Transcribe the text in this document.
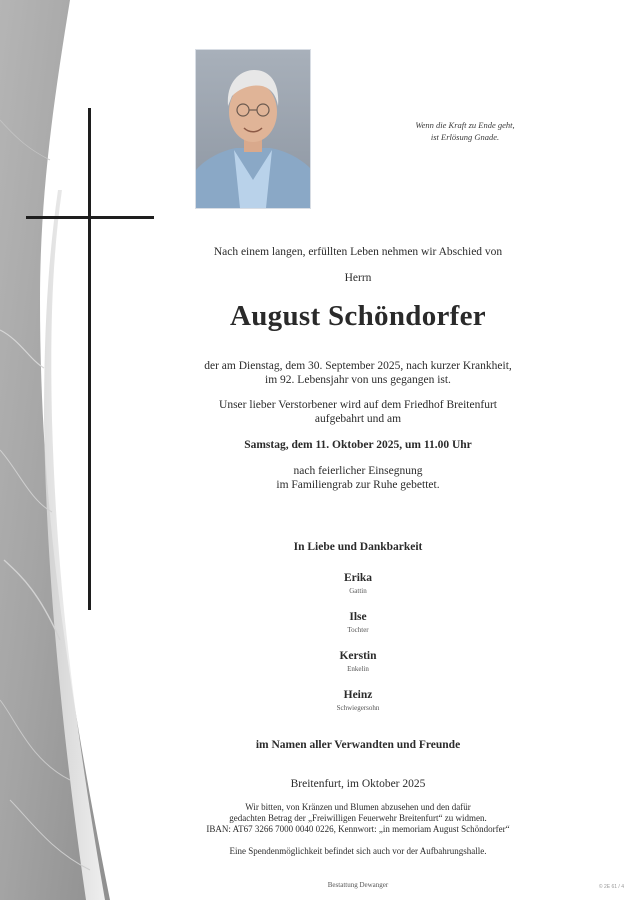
Wenn die Kraft zu Ende geht,
ist Erlösung Gnade.
Nach einem langen, erfüllten Leben nehmen wir Abschied von
Herrn
August Schöndorfer
der am Dienstag, dem 30. September 2025, nach kurzer Krankheit,
im 92. Lebensjahr von uns gegangen ist.
Unser lieber Verstorbener wird auf dem Friedhof Breitenfurt
aufgebahrt und am
Samstag, dem 11. Oktober 2025, um 11.00 Uhr
nach feierlicher Einsegnung
im Familiengrab zur Ruhe gebettet.
In Liebe und Dankbarkeit
Erika
Gattin
Ilse
Tochter
Kerstin
Enkelin
Heinz
Schwiegersohn
im Namen aller Verwandten und Freunde
Breitenfurt, im Oktober 2025
Wir bitten, von Kränzen und Blumen abzusehen und den dafür
gedachten Betrag der „Freiwilligen Feuerwehr Breitenfurt“ zu widmen.
IBAN: AT67 3266 7000 0040 0226, Kennwort: „in memoriam August Schöndorfer“
Eine Spendenmöglichkeit befindet sich auch vor der Aufbahrungshalle.
Bestattung Dewanger	© 2E 61 / 4
